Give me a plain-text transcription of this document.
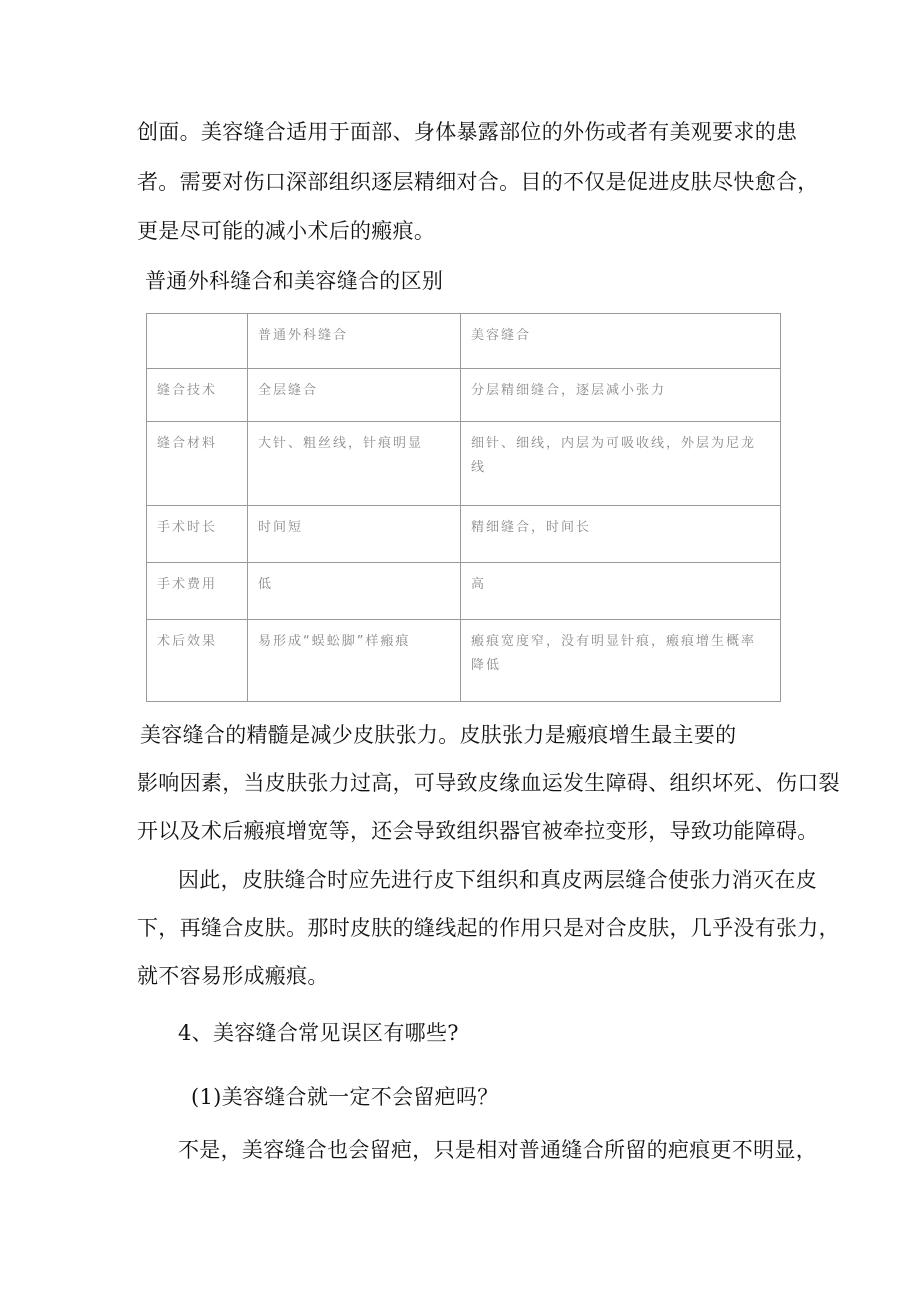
创面。美容缝合适用于面部、身体暴露部位的外伤或者有美观要求的患
者。需要对伤口深部组织逐层精细对合。目的不仅是促进皮肤尽快愈合，
更是尽可能的减小术后的瘢痕。
普通外科缝合和美容缝合的区别
	普通外科缝合	美容缝合
缝合技术	全层缝合	分层精细缝合，逐层减小张力
缝合材料	大针、粗丝线，针痕明显	细针、细线，内层为可吸收线，外层为尼龙线
手术时长	时间短	精细缝合，时间长
手术费用	低	高
术后效果	易形成“蜈蚣脚”样瘢痕	瘢痕宽度窄，没有明显针痕，瘢痕增生概率降低
美容缝合的精髓是减少皮肤张力。皮肤张力是瘢痕增生最主要的
影响因素，当皮肤张力过高，可导致皮缘血运发生障碍、组织坏死、伤口裂
开以及术后瘢痕增宽等，还会导致组织器官被牵拉变形，导致功能障碍。
因此，皮肤缝合时应先进行皮下组织和真皮两层缝合使张力消灭在皮
下，再缝合皮肤。那时皮肤的缝线起的作用只是对合皮肤，几乎没有张力，
就不容易形成瘢痕。
4、美容缝合常见误区有哪些?
(1)美容缝合就一定不会留疤吗？
不是，美容缝合也会留疤，只是相对普通缝合所留的疤痕更不明显，
